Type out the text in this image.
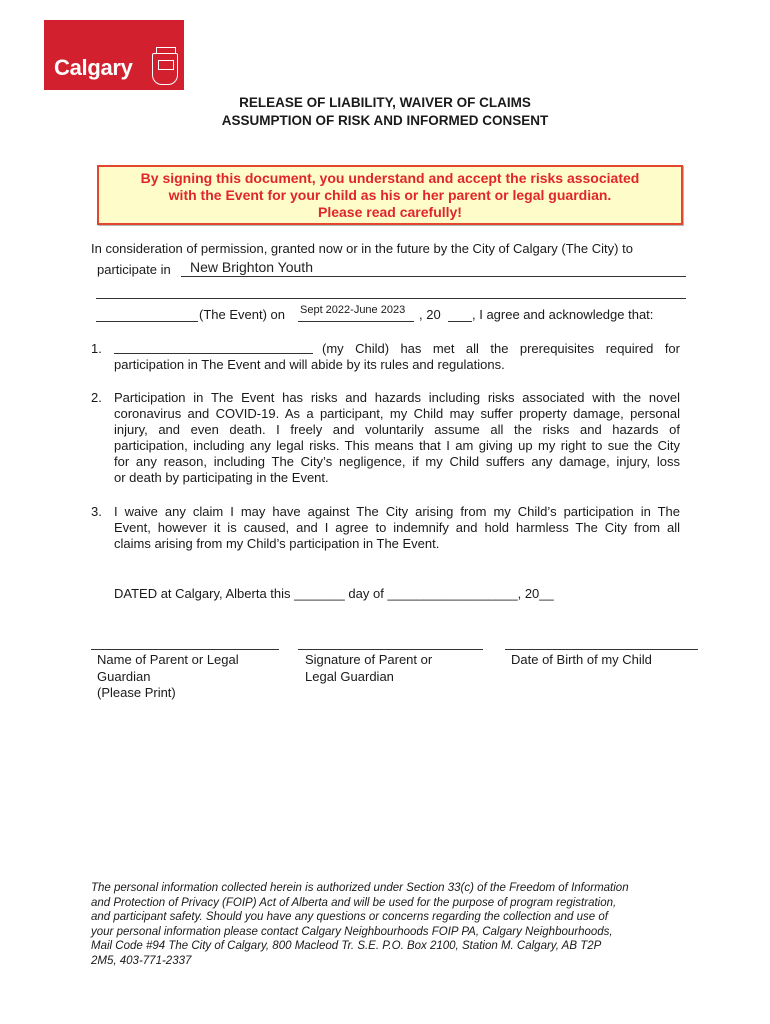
Calgary
RELEASE OF LIABILITY, WAIVER OF CLAIMS
ASSUMPTION OF RISK AND INFORMED CONSENT
By signing this document, you understand and accept the risks associated
with the Event for your child as his or her parent or legal guardian.
Please read carefully!
In consideration of permission, granted now or in the future by the City of Calgary (The City) to
participate in New Brighton Youth
(The Event) on Sept 2022-June 2023 , 20 , I agree and acknowledge that:
1.	(my Child) has met all the prerequisites required for
participation in The Event and will abide by its rules and regulations.
2. Participation in The Event has risks and hazards including risks associated with the novel
coronavirus and COVID-19. As a participant, my Child may suffer property damage, personal
injury, and even death. I freely and voluntarily assume all the risks and hazards of
participation, including any legal risks. This means that I am giving up my right to sue the City
for any reason, including The City’s negligence, if my Child suffers any damage, injury, loss
or death by participating in the Event.
3. I waive any claim I may have against The City arising from my Child’s participation in The
Event, however it is caused, and I agree to indemnify and hold harmless The City from all
claims arising from my Child’s participation in The Event.
DATED at Calgary, Alberta this _______ day of __________________, 20__
Name of Parent or Legal
Guardian
(Please Print)
Signature of Parent or
Legal Guardian
Date of Birth of my Child
The personal information collected herein is authorized under Section 33(c) of the Freedom of Information
and Protection of Privacy (FOIP) Act of Alberta and will be used for the purpose of program registration,
and participant safety. Should you have any questions or concerns regarding the collection and use of
your personal information please contact Calgary Neighbourhoods FOIP PA, Calgary Neighbourhoods,
Mail Code #94 The City of Calgary, 800 Macleod Tr. S.E. P.O. Box 2100, Station M. Calgary, AB T2P
2M5, 403-771-2337
